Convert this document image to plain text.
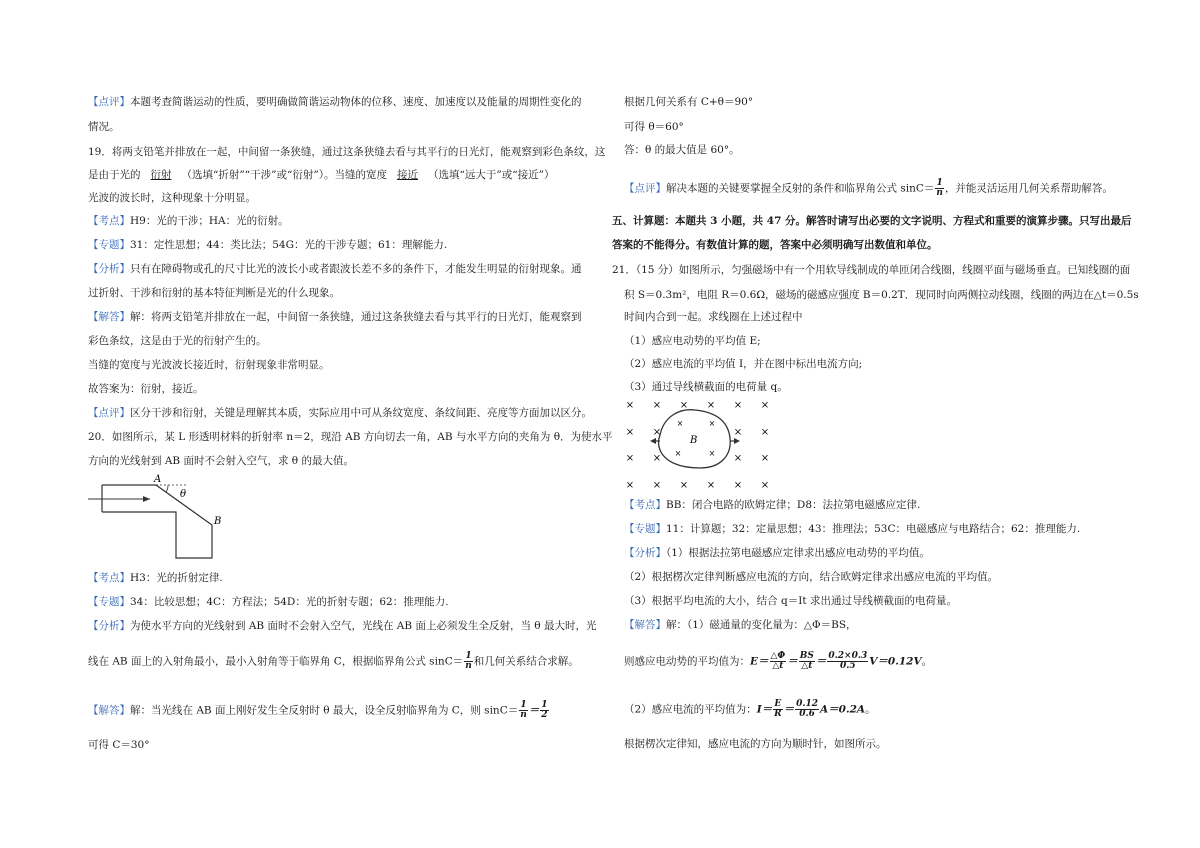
【点评】本题考查简谐运动的性质，要明确做简谐运动物体的位移、速度、加速度以及能量的周期性变化的
情况。
19．将两支铅笔并排放在一起，中间留一条狭缝，通过这条狭缝去看与其平行的日光灯，能观察到彩色条纹，这
是由于光的 衍射 （选填“折射”“干涉”或“衍射”）。当缝的宽度 接近 （选填“远大于”或“接近”）
光波的波长时，这种现象十分明显。
【考点】H9：光的干涉；HA：光的衍射。
【专题】31：定性思想；44：类比法；54G：光的干涉专题；61：理解能力.
【分析】只有在障碍物或孔的尺寸比光的波长小或者跟波长差不多的条件下，才能发生明显的衍射现象。通
过折射、干涉和衍射的基本特征判断是光的什么现象。
【解答】解：将两支铅笔并排放在一起，中间留一条狭缝，通过这条狭缝去看与其平行的日光灯，能观察到
彩色条纹，这是由于光的衍射产生的。
当缝的宽度与光波波长接近时，衍射现象非常明显。
故答案为：衍射，接近。
【点评】区分干涉和衍射，关键是理解其本质，实际应用中可从条纹宽度、条纹间距、亮度等方面加以区分。
20．如图所示，某 L 形透明材料的折射率 n＝2，现沿 AB 方向切去一角，AB 与水平方向的夹角为 θ．为使水平
方向的光线射到 AB 面时不会射入空气，求 θ 的最大值。
A
B
θ
【考点】H3：光的折射定律.
【专题】34：比较思想；4C：方程法；54D：光的折射专题；62：推理能力.
【分析】为使水平方向的光线射到 AB 面时不会射入空气，光线在 AB 面上必须发生全反射，当 θ 最大时，光
线在 AB 面上的入射角最小，最小入射角等于临界角 C，根据临界角公式 $\sin C= \frac{1}{n}$ 和几何关系结合求解。
【解答】解：当光线在 AB 面上刚好发生全反射时 θ 最大，设全反射临界角为 C，则 $\sin C= \frac{1}{n} = \frac{1}{2}$
可得 C＝30°
根据几何关系有 C+θ＝90°
可得 θ＝60°
答：θ 的最大值是 60°。
【点评】解决本题的关键要掌握全反射的条件和临界角公式 $\sin C= \frac{1}{n}$ ，并能灵活运用几何关系帮助解答。
五、计算题：本题共 3 小题，共 47 分。解答时请写出必要的文字说明、方程式和重要的演算步骤。只写出最后
答案的不能得分。有数值计算的题，答案中必须明确写出数值和单位。
21．（15 分）如图所示，匀强磁场中有一个用软导线制成的单匝闭合线圈，线圈平面与磁场垂直。已知线圈的面
积 S＝0.3m²，电阻 R＝0.6Ω，磁场的磁感应强度 B＝0.2T．现同时向两侧拉动线圈，线圈的两边在△t＝0.5s
时间内合到一起。求线圈在上述过程中
（1）感应电动势的平均值 E;
（2）感应电流的平均值 I，并在图中标出电流方向;
（3）通过导线横截面的电荷量 q。
B
× × × × × ×
× ×	× ×
× ×	× ×
× × × × × ×
×	×
×	×
【考点】BB：闭合电路的欧姆定律；D8：法拉第电磁感应定律.
【专题】11：计算题；32：定量思想；43：推理法；53C：电磁感应与电路结合；62：推理能力.
【分析】（1）根据法拉第电磁感应定律求出感应电动势的平均值。
（2）根据楞次定律判断感应电流的方向，结合欧姆定律求出感应电流的平均值。
（3）根据平均电流的大小，结合 q＝It 求出通过导线横截面的电荷量。
【解答】解：（1）磁通量的变化量为：△Φ＝BS，
则感应电动势的平均值为：$E= \frac{\triangle\Phi}{\triangle t} = \frac{BS}{\triangle t} = \frac{0.2\times 0.3}{0.5} V=0.12V$。
（2）感应电流的平均值为：$I= \frac{E}{R} = \frac{0.12}{0.6} A=0.2A$。
根据楞次定律知，感应电流的方向为顺时针，如图所示。
